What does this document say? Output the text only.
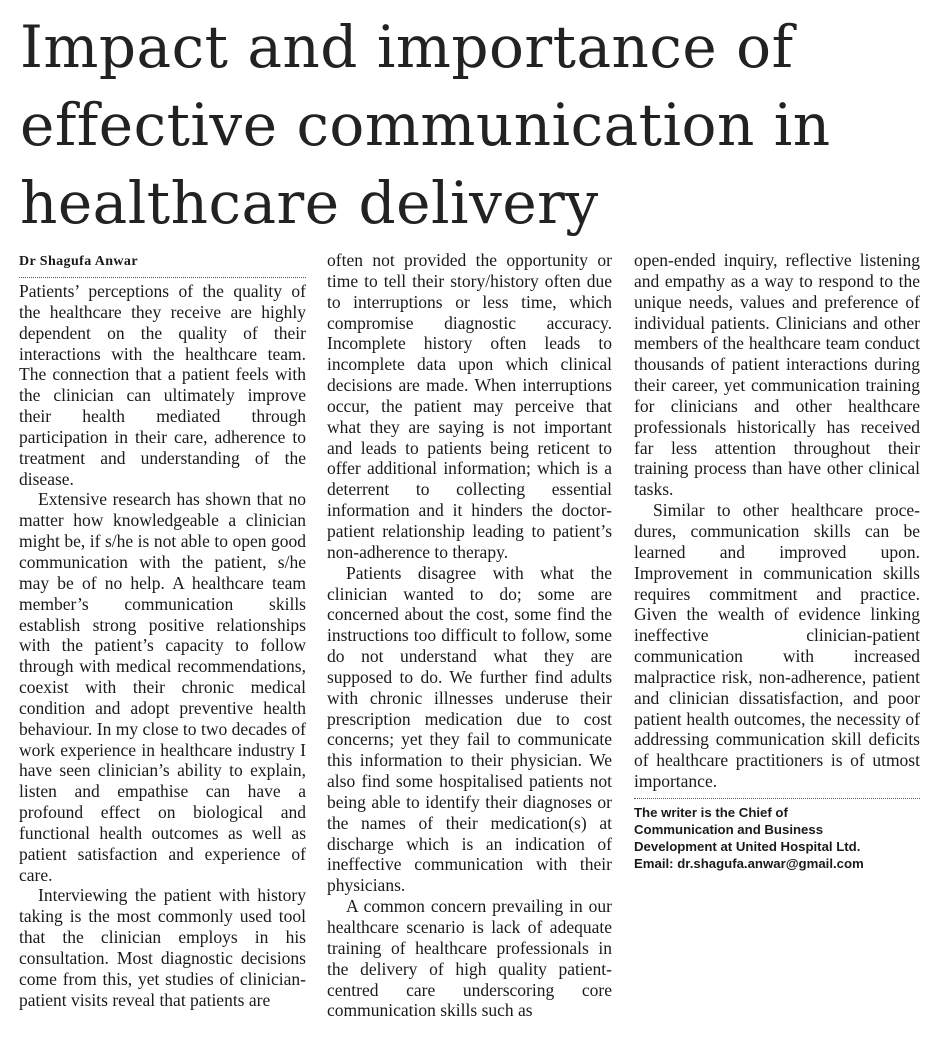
Impact and importance of effective communication in healthcare delivery
Dr Shagufa Anwar

Patients’ perceptions of the quality of the healthcare they receive are highly dependent on the quality of their interactions with the healthcare team. The connection that a patient feels with the clinician can ultimately improve their health mediated through participation in their care, adherence to treatment and understanding of the disease.

Extensive research has shown that no matter how knowledgeable a clinician might be, if s/he is not able to open good communication with the patient, s/he may be of no help. A healthcare team member’s communication skills establish strong positive relationships with the patient’s capacity to follow through with medical recommendations, coexist with their chronic medical condition and adopt preventive health behaviour. In my close to two decades of work experience in healthcare industry I have seen clinician’s ability to explain, listen and empathise can have a profound effect on biological and functional health outcomes as well as patient satisfaction and experience of care.

Interviewing the patient with history taking is the most commonly used tool that the clinician employs in his consultation. Most diagnostic decisions come from this, yet studies of clinician-patient visits reveal that patients are

often not provided the opportunity or time to tell their story/history often due to interruptions or less time, which compromise diagnostic accuracy. Incomplete history often leads to incomplete data upon which clinical decisions are made. When interruptions occur, the patient may perceive that what they are saying is not important and leads to patients being reticent to offer additional information; which is a deterrent to collecting essential information and it hinders the doctor-patient relationship leading to patient’s non-adherence to therapy.

Patients disagree with what the clinician wanted to do; some are concerned about the cost, some find the instructions too difficult to follow, some do not understand what they are supposed to do. We further find adults with chronic illnesses underuse their prescription medication due to cost concerns; yet they fail to communicate this information to their physician. We also find some hospitalised patients not being able to identify their diagnoses or the names of their medication(s) at discharge which is an indication of ineffective communication with their physicians.

A common concern prevailing in our healthcare scenario is lack of adequate training of healthcare professionals in the delivery of high quality patient-centred care underscoring core communication skills such as

open-ended inquiry, reflective listening and empathy as a way to respond to the unique needs, values and preference of individual patients. Clinicians and other members of the healthcare team conduct thousands of patient interactions during their career, yet communication training for clinicians and other healthcare professionals historically has received far less attention throughout their training process than have other clinical tasks.

Similar to other healthcare procedures, communication skills can be learned and improved upon. Improvement in communication skills requires commitment and practice. Given the wealth of evidence linking ineffective clinician-patient communication with increased malpractice risk, non-adherence, patient and clinician dissatisfaction, and poor patient health outcomes, the necessity of addressing communication skill deficits of healthcare practitioners is of utmost importance.

The writer is the Chief of
Communication and Business
Development at United Hospital Ltd.
Email: dr.shagufa.anwar@gmail.com
